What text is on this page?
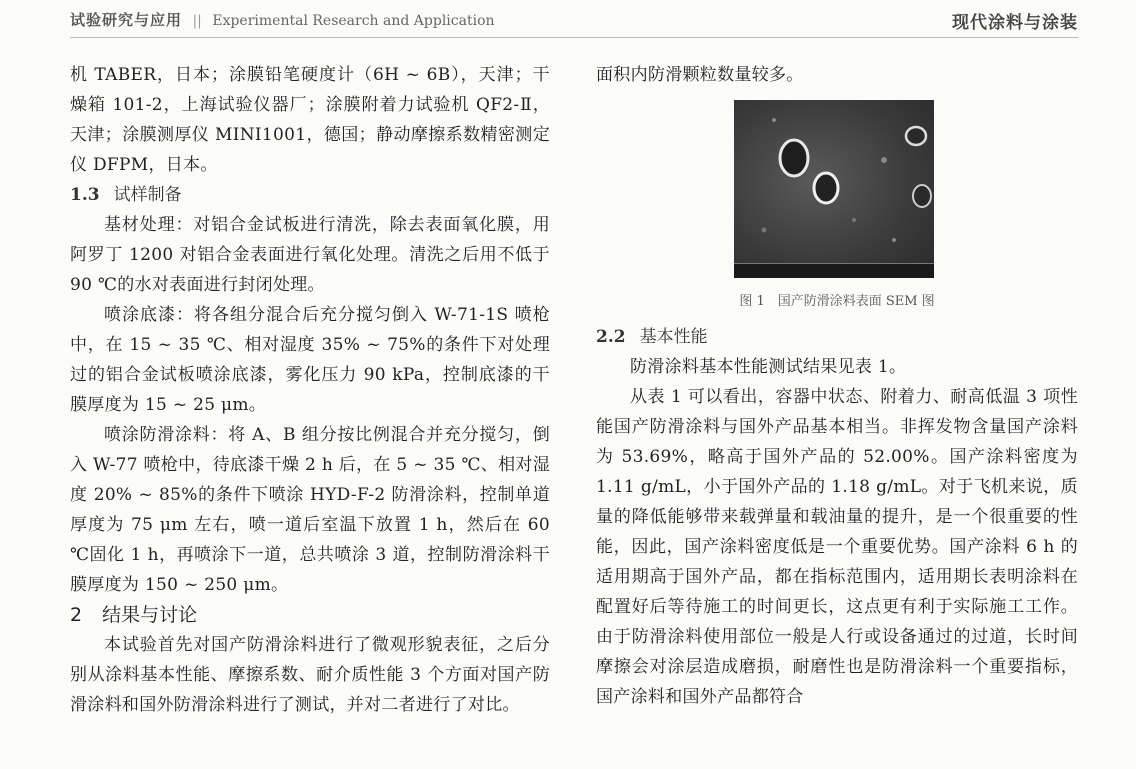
试验研究与应用 || Experimental Research and Application	现代涂料与涂装

机 TABER，日本；涂膜铅笔硬度计（6H ~ 6B），天津；干燥箱 101-2，上海试验仪器厂；涂膜附着力试验机 QF2-Ⅱ，天津；涂膜测厚仪 MINI1001，德国；静动摩擦系数精密测定仪 DFPM，日本。

1.3 试样制备

基材处理：对铝合金试板进行清洗，除去表面氧化膜，用阿罗丁 1200 对铝合金表面进行氧化处理。清洗之后用不低于 90 ℃的水对表面进行封闭处理。

喷涂底漆：将各组分混合后充分搅匀倒入 W-71-1S 喷枪中，在 15 ~ 35 ℃、相对湿度 35% ~ 75%的条件下对处理过的铝合金试板喷涂底漆，雾化压力 90 kPa，控制底漆的干膜厚度为 15 ~ 25 μm。

喷涂防滑涂料：将 A、B 组分按比例混合并充分搅匀，倒入 W-77 喷枪中，待底漆干燥 2 h 后，在 5 ~ 35 ℃、相对湿度 20% ~ 85%的条件下喷涂 HYD-F-2 防滑涂料，控制单道厚度为 75 μm 左右，喷一道后室温下放置 1 h，然后在 60 ℃固化 1 h，再喷涂下一道，总共喷涂 3 道，控制防滑涂料干膜厚度为 150 ~ 250 μm。

2 结果与讨论

本试验首先对国产防滑涂料进行了微观形貌表征，之后分别从涂料基本性能、摩擦系数、耐介质性能 3 个方面对国产防滑涂料和国外防滑涂料进行了测试，并对二者进行了对比。

面积内防滑颗粒数量较多。

图 1　国产防滑涂料表面 SEM 图

2.2 基本性能

防滑涂料基本性能测试结果见表 1。

从表 1 可以看出，容器中状态、附着力、耐高低温 3 项性能国产防滑涂料与国外产品基本相当。非挥发物含量国产涂料为 53.69%，略高于国外产品的 52.00%。国产涂料密度为 1.11 g/mL，小于国外产品的 1.18 g/mL。对于飞机来说，质量的降低能够带来载弹量和载油量的提升，是一个很重要的性能，因此，国产涂料密度低是一个重要优势。国产涂料 6 h 的适用期高于国外产品，都在指标范围内，适用期长表明涂料在配置好后等待施工的时间更长，这点更有利于实际施工工作。由于防滑涂料使用部位一般是人行或设备通过的过道，长时间摩擦会对涂层造成磨损，耐磨性也是防滑涂料一个重要指标，国产涂料和国外产品都符合
